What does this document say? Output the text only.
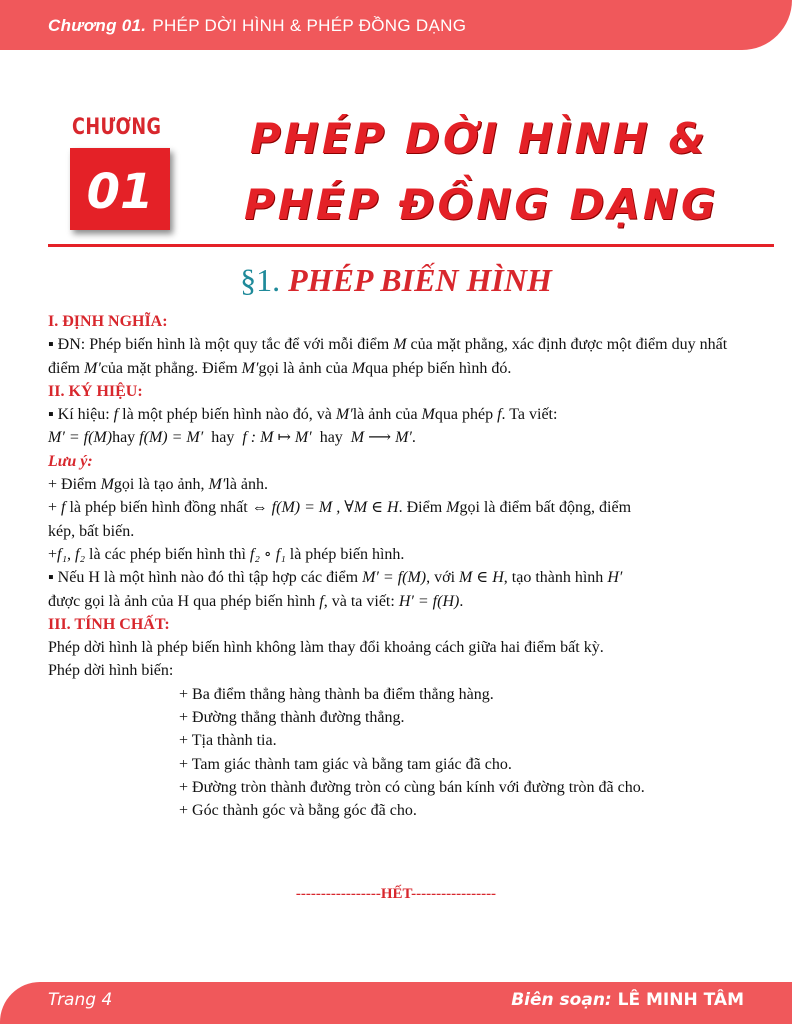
Chương 01. PHÉP DỜI HÌNH & PHÉP ĐỒNG DẠNG
CHƯƠNG
01
PHÉP DỜI HÌNH &
PHÉP ĐỒNG DẠNG
§1. PHÉP BIẾN HÌNH
I. ĐỊNH NGHĨA:
▪ ĐN: Phép biến hình là một quy tắc để với mỗi điểm M của mặt phẳng, xác định được một điểm duy nhất điểm M′của mặt phẳng. Điểm M′gọi là ảnh của Mqua phép biến hình đó.
II. KÝ HIỆU:
▪ Kí hiệu: f là một phép biến hình nào đó, và M′là ảnh của Mqua phép f. Ta viết:
M′ = f(M)hay f(M) = M′ hay f : M ↦ M′ hay M ⟶ M′.
Lưu ý:
+ Điểm Mgọi là tạo ảnh, M′là ảnh.
+ f là phép biến hình đồng nhất ⇔ f(M) = M , ∀M ∈ H. Điểm Mgọi là điểm bất động, điểm
kép, bất biến.
+f₁, f₂ là các phép biến hình thì f₂ ∘ f₁ là phép biến hình.
▪ Nếu H là một hình nào đó thì tập hợp các điểm M′ = f(M), với M ∈ H, tạo thành hình H′
được gọi là ảnh của H qua phép biến hình f, và ta viết: H′ = f(H).
III. TÍNH CHẤT:
Phép dời hình là phép biến hình không làm thay đổi khoảng cách giữa hai điểm bất kỳ.
Phép dời hình biến:
+ Ba điểm thẳng hàng thành ba điểm thẳng hàng.
+ Đường thẳng thành đường thẳng.
+ Tịa thành tia.
+ Tam giác thành tam giác và bằng tam giác đã cho.
+ Đường tròn thành đường tròn có cùng bán kính với đường tròn đã cho.
+ Góc thành góc và bằng góc đã cho.
-----------------HẾT-----------------
Trang 4	Biên soạn: LÊ MINH TÂM
